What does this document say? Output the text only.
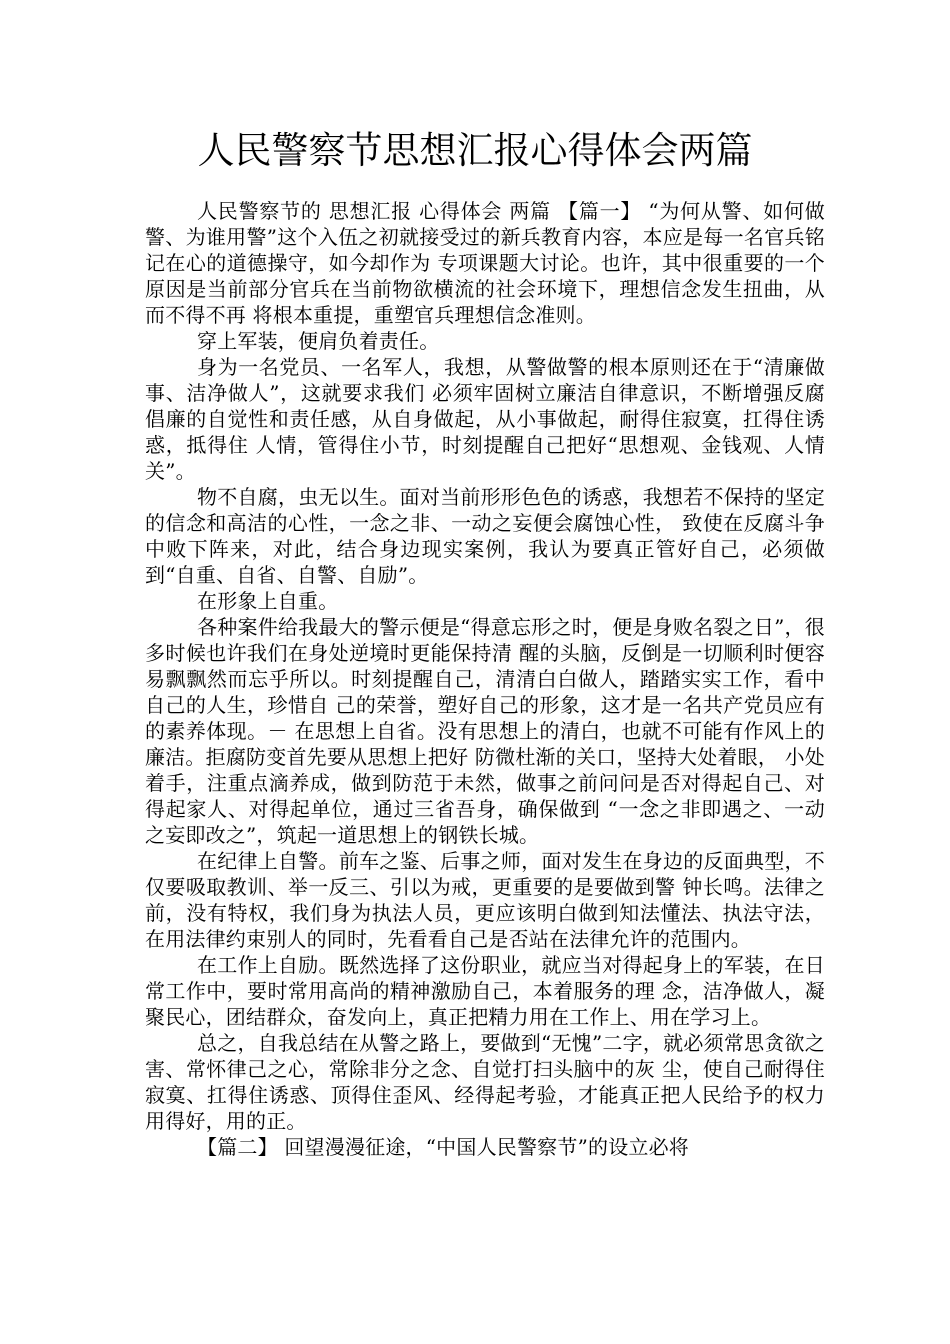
人民警察节思想汇报心得体会两篇

人民警察节的 思想汇报 心得体会 两篇 【篇一】 “为何从警、如何做警、为谁用警”这个入伍之初就接受过的新兵教育内容，本应是每一名官兵铭记在心的道德操守，如今却作为 专项课题大讨论。也许，其中很重要的一个原因是当前部分官兵在当前物欲横流的社会环境下，理想信念发生扭曲，从而不得不再 将根本重提，重塑官兵理想信念准则。

穿上军装，便肩负着责任。

身为一名党员、一名军人，我想，从警做警的根本原则还在于“清廉做事、洁净做人”，这就要求我们 必须牢固树立廉洁自律意识，不断增强反腐倡廉的自觉性和责任感，从自身做起，从小事做起，耐得住寂寞，扛得住诱惑，抵得住 人情，管得住小节，时刻提醒自己把好“思想观、金钱观、人情关”。

物不自腐，虫无以生。面对当前形形色色的诱惑，我想若不保持的坚定的信念和高洁的心性，一念之非、一动之妄便会腐蚀心性， 致使在反腐斗争中败下阵来，对此，结合身边现实案例，我认为要真正管好自己，必须做到“自重、自省、自警、自励”。

在形象上自重。

各种案件给我最大的警示便是“得意忘形之时，便是身败名裂之日”，很多时候也许我们在身处逆境时更能保持清 醒的头脑，反倒是一切顺利时便容易飘飘然而忘乎所以。时刻提醒自己，清清白白做人，踏踏实实工作，看中自己的人生，珍惜自 己的荣誉，塑好自己的形象，这才是一名共产党员应有的素养体现。－ 在思想上自省。没有思想上的清白，也就不可能有作风上的廉洁。拒腐防变首先要从思想上把好 防微杜渐的关口，坚持大处着眼， 小处着手，注重点滴养成，做到防范于未然，做事之前问问是否对得起自己、对得起家人、对得起单位，通过三省吾身，确保做到 “一念之非即遇之、一动之妄即改之”，筑起一道思想上的钢铁长城。

在纪律上自警。前车之鉴、后事之师，面对发生在身边的反面典型，不仅要吸取教训、举一反三、引以为戒，更重要的是要做到警 钟长鸣。法律之前，没有特权，我们身为执法人员，更应该明白做到知法懂法、执法守法，在用法律约束别人的同时，先看看自己是否站在法律允许的范围内。

在工作上自励。既然选择了这份职业，就应当对得起身上的军装，在日常工作中，要时常用高尚的精神激励自己，本着服务的理 念，洁净做人，凝聚民心，团结群众，奋发向上，真正把精力用在工作上、用在学习上。

总之，自我总结在从警之路上，要做到“无愧”二字，就必须常思贪欲之害、常怀律己之心，常除非分之念、自觉打扫头脑中的灰 尘，使自己耐得住寂寞、扛得住诱惑、顶得住歪风、经得起考验，才能真正把人民给予的权力用得好，用的正。

【篇二】 回望漫漫征途，“中国人民警察节”的设立必将
